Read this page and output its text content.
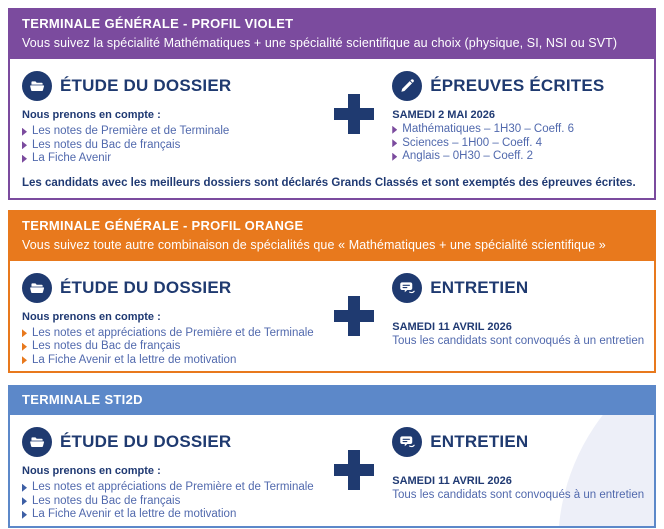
TERMINALE GÉNÉRALE - PROFIL VIOLET
Vous suivez la spécialité Mathématiques + une spécialité scientifique au choix (physique, SI, NSI ou SVT)
ÉTUDE DU DOSSIER

Nous prenons en compte :

Les notes de Première et de Terminale
Les notes du Bac de français
La Fiche Avenir
ÉPREUVES ÉCRITES

SAMEDI 2 MAI 2026

Mathématiques – 1H30 – Coeff. 6
Sciences – 1H00 – Coeff. 4
Anglais – 0H30 – Coeff. 2

Les candidats avec les meilleurs dossiers sont déclarés Grands Classés et sont exemptés des épreuves écrites.

TERMINALE GÉNÉRALE - PROFIL ORANGE
Vous suivez toute autre combinaison de spécialités que « Mathématiques + une spécialité scientifique »
ÉTUDE DU DOSSIER

Nous prenons en compte :

Les notes et appréciations de Première et de Terminale
Les notes du Bac de français
La Fiche Avenir et la lettre de motivation
ENTRETIEN

SAMEDI 11 AVRIL 2026

Tous les candidats sont convoqués à un entretien
TERMINALE STI2D
ÉTUDE DU DOSSIER

Nous prenons en compte :

Les notes et appréciations de Première et de Terminale
Les notes du Bac de français
La Fiche Avenir et la lettre de motivation
ENTRETIEN

SAMEDI 11 AVRIL 2026

Tous les candidats sont convoqués à un entretien
